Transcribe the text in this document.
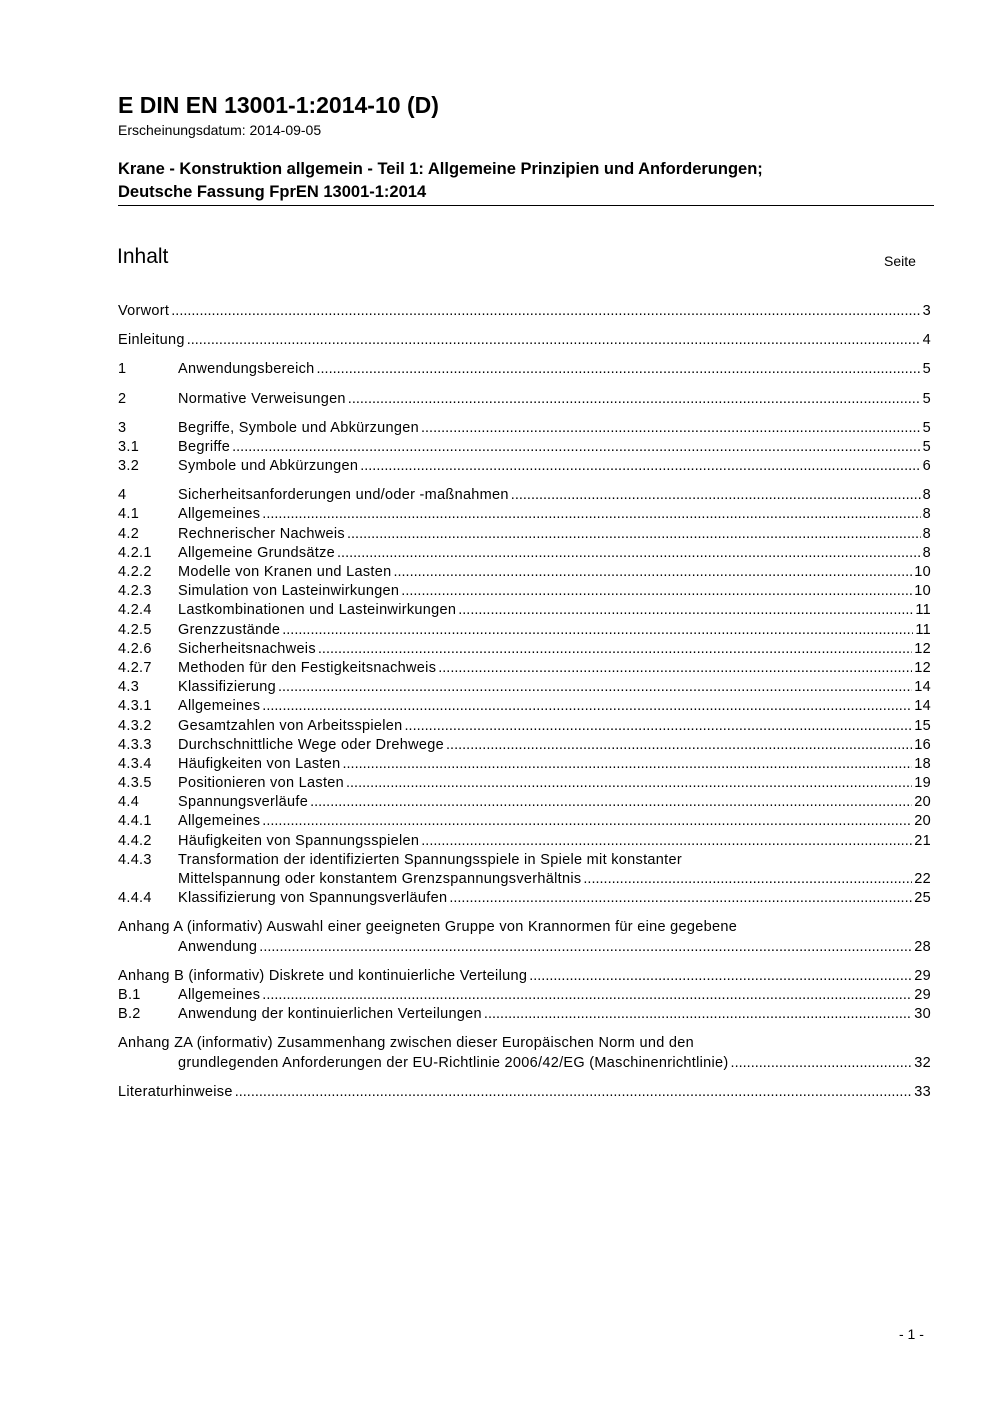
E DIN EN 13001-1:2014-10 (D)
Erscheinungsdatum: 2014-09-05
Krane - Konstruktion allgemein - Teil 1: Allgemeine Prinzipien und Anforderungen;
Deutsche Fassung FprEN 13001-1:2014
Inhalt	Seite
Vorwort .....	3
Einleitung .....	4
1	Anwendungsbereich .....	5
2	Normative Verweisungen .....	5
3	Begriffe, Symbole und Abkürzungen .....	5
3.1	Begriffe .....	5
3.2	Symbole und Abkürzungen .....	6
4	Sicherheitsanforderungen und/oder -maßnahmen .....	8
4.1	Allgemeines .....	8
4.2	Rechnerischer Nachweis .....	8
4.2.1	Allgemeine Grundsätze .....	8
4.2.2	Modelle von Kranen und Lasten .....	10
4.2.3	Simulation von Lasteinwirkungen .....	10
4.2.4	Lastkombinationen und Lasteinwirkungen .....	11
4.2.5	Grenzzustände .....	11
4.2.6	Sicherheitsnachweis .....	12
4.2.7	Methoden für den Festigkeitsnachweis .....	12
4.3	Klassifizierung .....	14
4.3.1	Allgemeines .....	14
4.3.2	Gesamtzahlen von Arbeitsspielen .....	15
4.3.3	Durchschnittliche Wege oder Drehwege .....	16
4.3.4	Häufigkeiten von Lasten .....	18
4.3.5	Positionieren von Lasten .....	19
4.4	Spannungsverläufe .....	20
4.4.1	Allgemeines .....	20
4.4.2	Häufigkeiten von Spannungsspielen .....	21
4.4.3	Transformation der identifizierten Spannungsspiele in Spiele mit konstanter
Mittelspannung oder konstantem Grenzspannungsverhältnis .....	22
4.4.4	Klassifizierung von Spannungsverläufen .....	25
Anhang A (informativ) Auswahl einer geeigneten Gruppe von Krannormen für eine gegebene
Anwendung .....	28
Anhang B (informativ) Diskrete und kontinuierliche Verteilung .....	29
B.1	Allgemeines .....	29
B.2	Anwendung der kontinuierlichen Verteilungen .....	30
Anhang ZA (informativ) Zusammenhang zwischen dieser Europäischen Norm und den
grundlegenden Anforderungen der EU-Richtlinie 2006/42/EG (Maschinenrichtlinie) .....	32
Literaturhinweise .....	33
- 1 -
